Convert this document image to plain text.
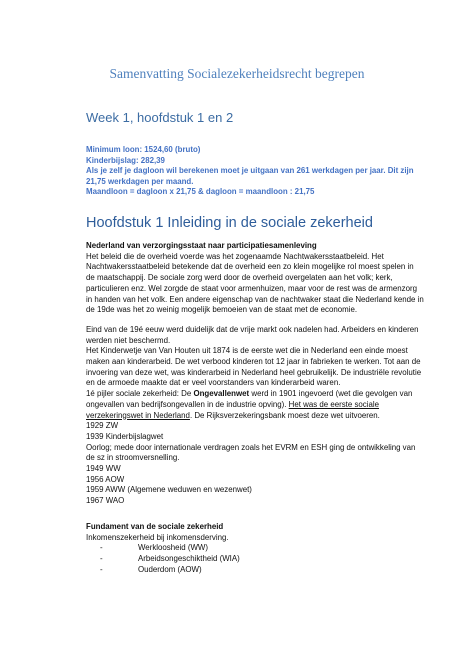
Samenvatting Socialezekerheidsrecht begrepen
Week 1, hoofdstuk 1 en 2
Minimum loon: 1524,60 (bruto)
Kinderbijslag: 282,39
Als je zelf je dagloon wil berekenen moet je uitgaan van 261 werkdagen per jaar. Dit zijn 21,75 werkdagen per maand.
Maandloon = dagloon x 21,75 & dagloon = maandloon : 21,75
Hoofdstuk 1 Inleiding in de sociale zekerheid

Nederland van verzorgingsstaat naar participatiesamenleving

Het beleid die de overheid voerde was het zogenaamde Nachtwakersstaatbeleid. Het Nachtwakersstaatbeleid betekende dat de overheid een zo klein mogelijke rol moest spelen in de maatschappij. De sociale zorg werd door de overheid overgelaten aan het volk; kerk, particulieren enz. Wel zorgde de staat voor armenhuizen, maar voor de rest was de armenzorg in handen van het volk. Een andere eigenschap van de nachtwaker staat die Nederland kende in de 19de was het zo weinig mogelijk bemoeien van de staat met de economie.

Eind van de 19é eeuw werd duidelijk dat de vrije markt ook nadelen had. Arbeiders en kinderen werden niet beschermd.

Het Kinderwetje van Van Houten uit 1874 is de eerste wet die in Nederland een einde moest maken aan kinderarbeid. De wet verbood kinderen tot 12 jaar in fabrieken te werken. Tot aan de invoering van deze wet, was kinderarbeid in Nederland heel gebruikelijk. De industriële revolutie en de armoede maakte dat er veel voorstanders van kinderarbeid waren.

1é pijler sociale zekerheid: De Ongevallenwet werd in 1901 ingevoerd (wet die gevolgen van ongevallen van bedrijfsongevallen in de industrie opving). Het was de eerste sociale verzekeringswet in Nederland. De Rijksverzekeringsbank moest deze wet uitvoeren.

1929 ZW

1939 Kinderbijslagwet

Oorlog; mede door internationale verdragen zoals het EVRM en ESH ging de ontwikkeling van de sz in stroomversnelling.

1949 WW

1956 AOW

1959 AWW (Algemene weduwen en wezenwet)

1967 WAO

Fundament van de sociale zekerheid

Inkomenszekerheid bij inkomensderving.

-	Werkloosheid (WW)
-	Arbeidsongeschiktheid (WIA)
-	Ouderdom (AOW)
